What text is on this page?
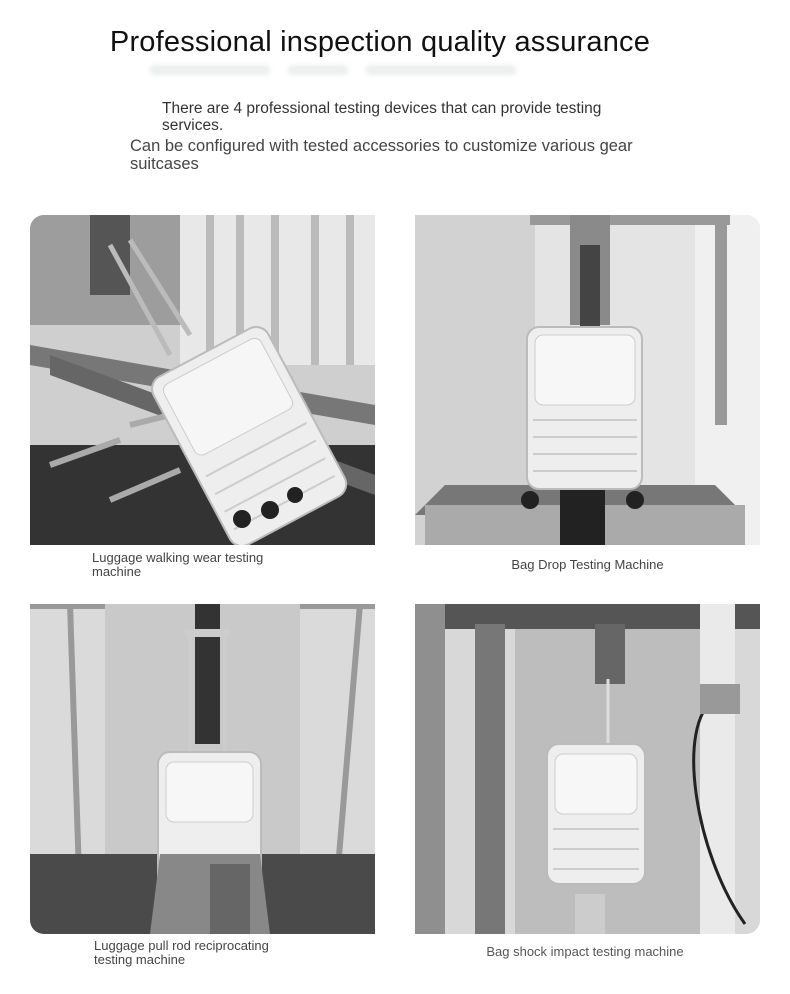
Professional inspection quality assurance
There are 4 professional testing devices that can provide testing services.
Can be configured with tested accessories to customize various gear suitcases
Luggage walking wear testing machine	Bag Drop Testing Machine
Luggage pull rod reciprocating testing machine
Bag shock impact testing machine
